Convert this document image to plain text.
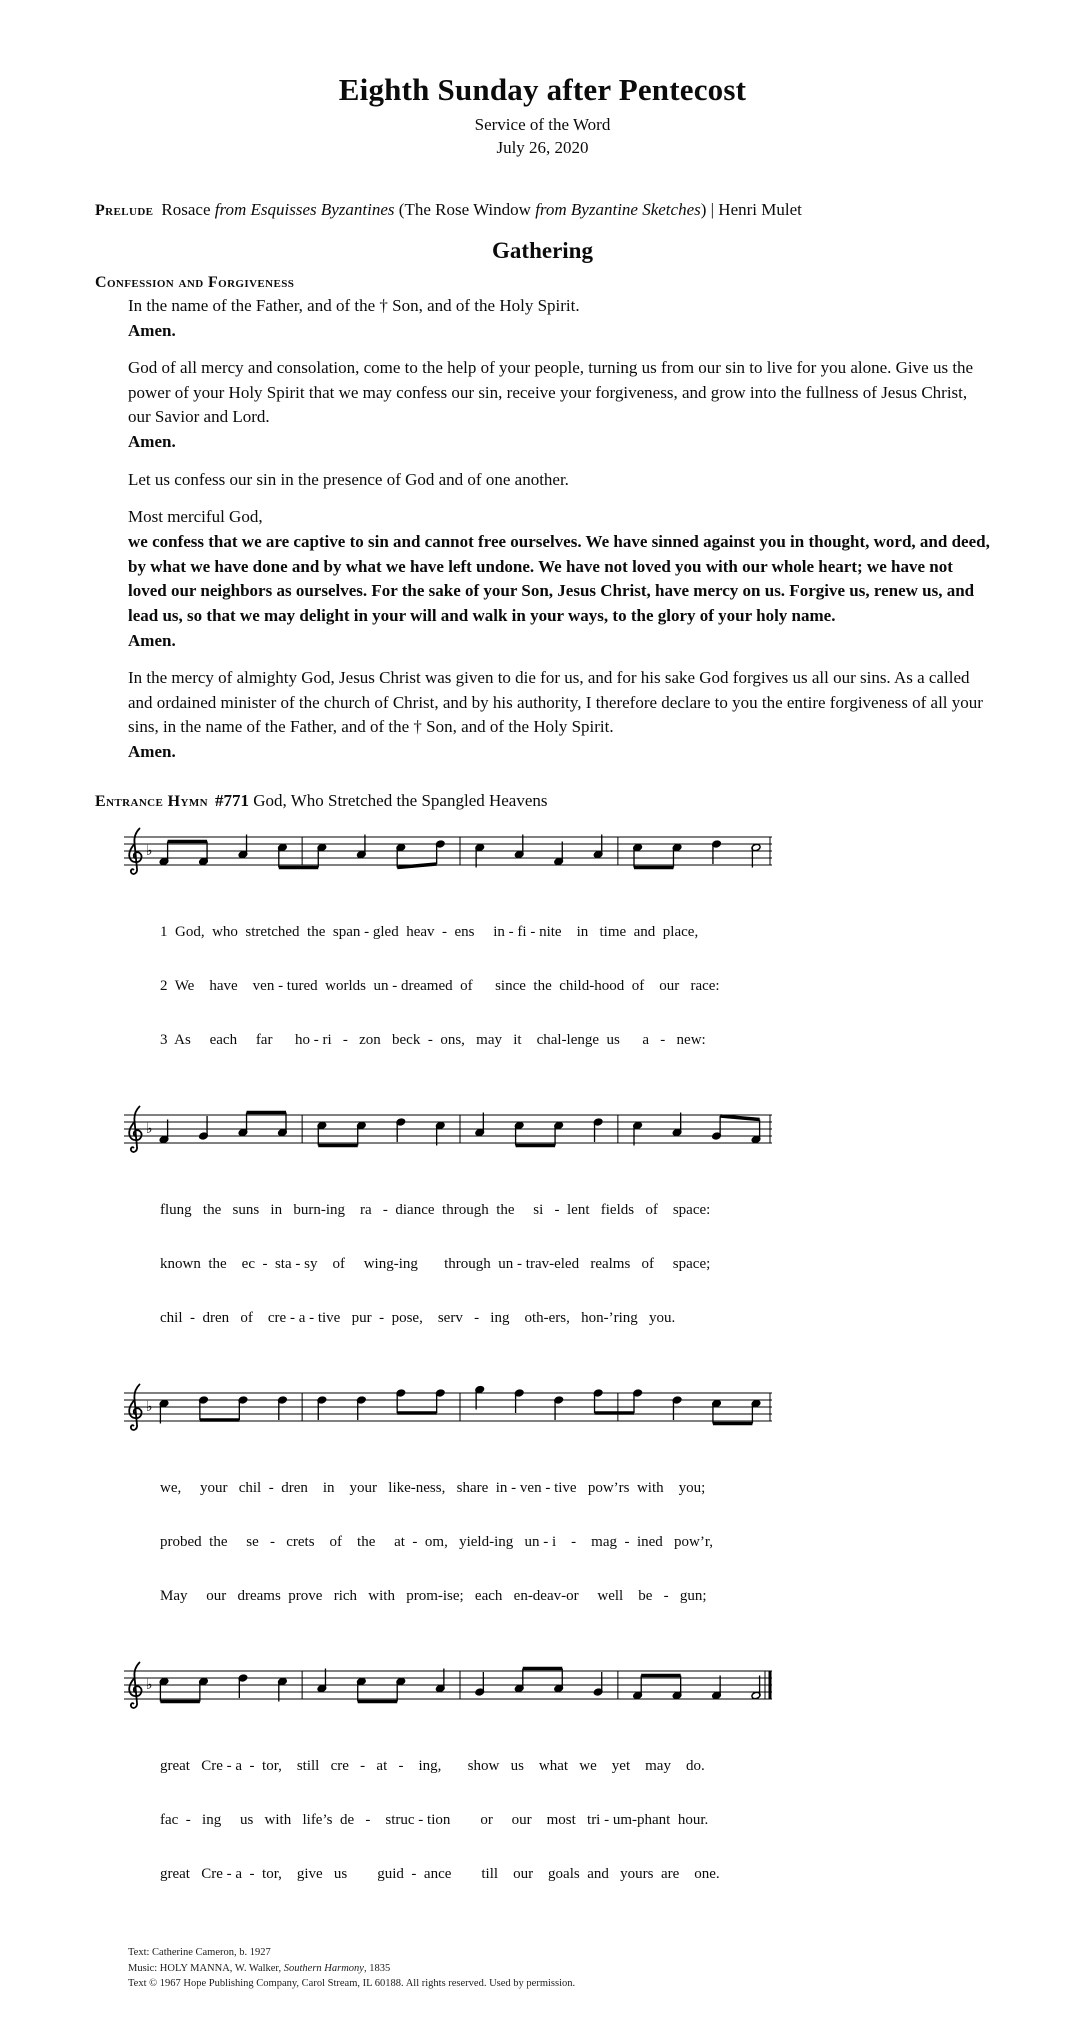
Eighth Sunday after Pentecost
Service of the Word
July 26, 2020

Prelude Rosace from Esquisses Byzantines (The Rose Window from Byzantine Sketches) | Henri Mulet

Gathering
Confession and Forgiveness

In the name of the Father, and of the † Son, and of the Holy Spirit.

Amen.

God of all mercy and consolation, come to the help of your people, turning us from our sin to live for you alone. Give us the power of your Holy Spirit that we may confess our sin, receive your forgiveness, and grow into the fullness of Jesus Christ, our Savior and Lord.

Amen.

Let us confess our sin in the presence of God and of one another.

Most merciful God,

we confess that we are captive to sin and cannot free ourselves. We have sinned against you in thought, word, and deed, by what we have done and by what we have left undone. We have not loved you with our whole heart; we have not loved our neighbors as ourselves. For the sake of your Son, Jesus Christ, have mercy on us. Forgive us, renew us, and lead us, so that we may delight in your will and walk in your ways, to the glory of your holy name.

Amen.

In the mercy of almighty God, Jesus Christ was given to die for us, and for his sake God forgives us all our sins. As a called and ordained minister of the church of Christ, and by his authority, I therefore declare to you the entire forgiveness of all your sins, in the name of the Father, and of the † Son, and of the Holy Spirit.

Amen.

Entrance Hymn #771 God, Who Stretched the Spangled Heavens

♭

1  God,  who  stretched  the  span - gled  heav  -  ens     in - fi - nite    in   time  and  place,

2  We    have    ven - tured  worlds  un - dreamed  of      since  the  child-hood  of    our   race:

3  As     each     far      ho - ri   -   zon   beck  -  ons,   may   it    chal-lenge  us      a   -   new:

♭

flung   the   suns   in   burn-ing    ra   -  diance  through  the     si   -  lent   fields   of    space:

known  the    ec  -  sta - sy    of     wing-ing       through  un - trav-eled   realms   of     space;

chil  -  dren   of    cre - a - tive   pur  -  pose,    serv   -   ing    oth-ers,   hon-’ring   you.

♭

we,     your   chil  -  dren    in    your   like-ness,   share  in - ven - tive   pow’rs  with    you;

probed  the     se   -   crets    of    the     at  -  om,   yield-ing   un - i    -    mag  -  ined   pow’r,

May     our   dreams  prove   rich   with   prom-ise;   each   en-deav-or     well    be   -   gun;

♭

great   Cre - a  -  tor,    still   cre   -   at   -    ing,       show   us    what   we    yet    may    do.

fac  -   ing     us   with   life’s  de   -    struc - tion        or     our    most   tri - um-phant  hour.

great   Cre - a  -  tor,    give   us        guid  -  ance        till    our    goals  and   yours  are    one.

Text: Catherine Cameron, b. 1927
Music: HOLY MANNA, W. Walker, Southern Harmony, 1835
Text © 1967 Hope Publishing Company, Carol Stream, IL 60188. All rights reserved. Used by permission.
